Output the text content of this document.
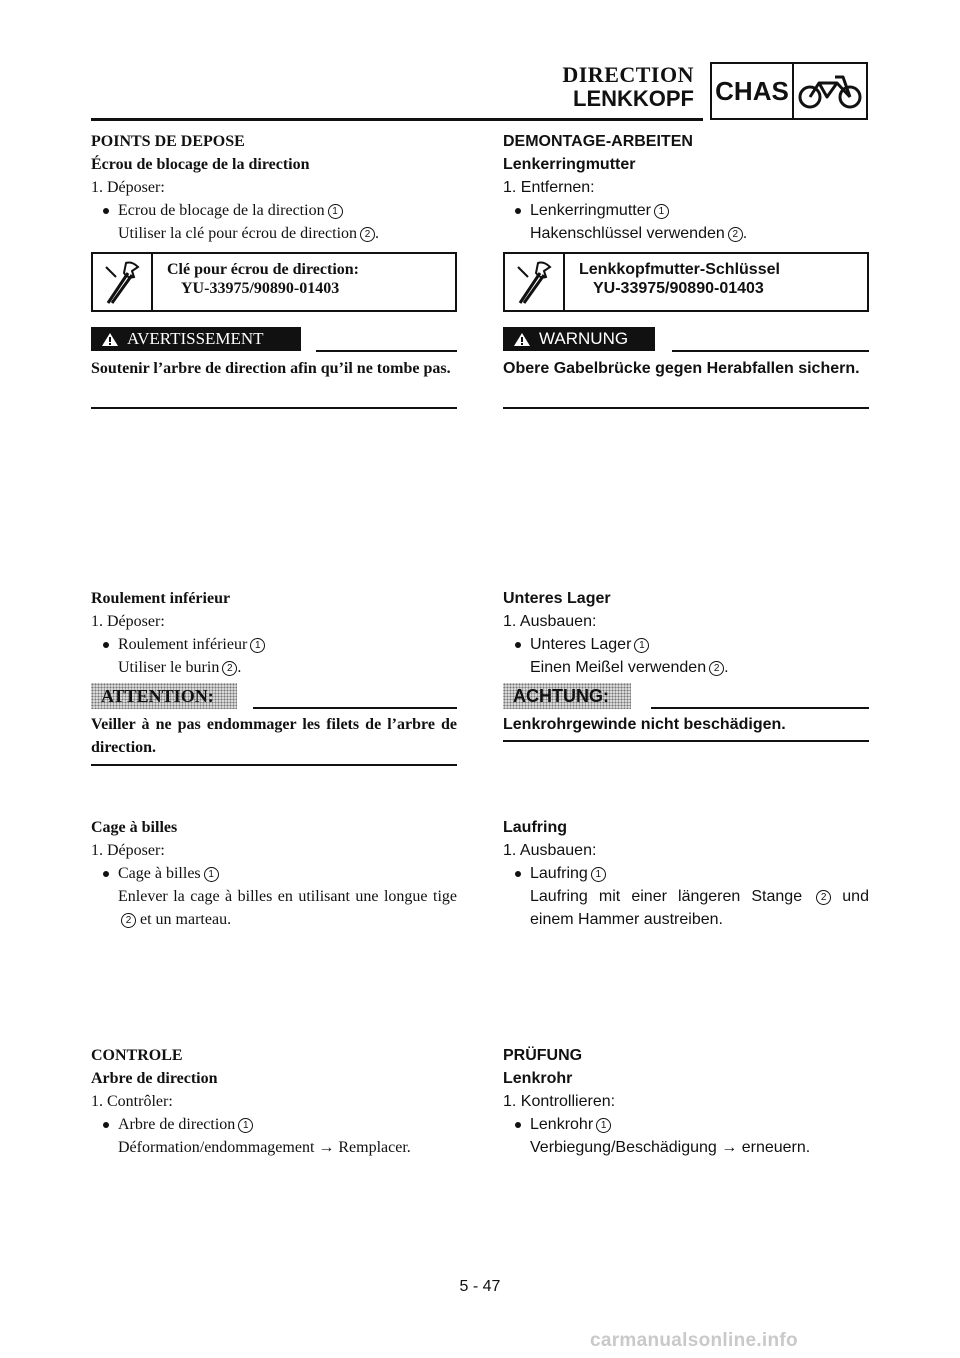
DIRECTION
LENKKOPF CHAS
POINTS DE DEPOSE
Écrou de blocage de la direction
1. Déposer:
Ecrou de blocage de la direction 1
Utiliser la clé pour écrou de direction 2 .
Clé pour écrou de direction:
YU-33975/90890-01403
AVERTISSEMENT
Soutenir l’arbre de direction afin qu’il ne tombe pas.
Roulement inférieur
1. Déposer:
Roulement inférieur 1
Utiliser le burin 2 .
ATTENTION:
Veiller à ne pas endommager les filets de l’arbre de direction.
Cage à billes
1. Déposer:
Cage à billes 1
Enlever la cage à billes en utilisant une longue tige 2 et un marteau.
CONTROLE
Arbre de direction
1. Contrôler:
Arbre de direction 1
Déformation/endommagement → Remplacer.
DEMONTAGE-ARBEITEN
Lenkerringmutter
1. Entfernen:
Lenkerringmutter 1
Hakenschlüssel verwenden 2 .
Lenkkopfmutter-Schlüssel
YU-33975/90890-01403
WARNUNG
Obere Gabelbrücke gegen Herabfallen sichern.
Unteres Lager
1. Ausbauen:
Unteres Lager 1
Einen Meißel verwenden 2 .
ACHTUNG:
Lenkrohrgewinde nicht beschädigen.
Laufring
1. Ausbauen:
Laufring 1
Laufring mit einer längeren Stange 2 und einem Hammer austreiben.
PRÜFUNG
Lenkrohr
1. Kontrollieren:
Lenkrohr 1
Verbiegung/Beschädigung → erneuern.
5 - 47
carmanualsonline.info
